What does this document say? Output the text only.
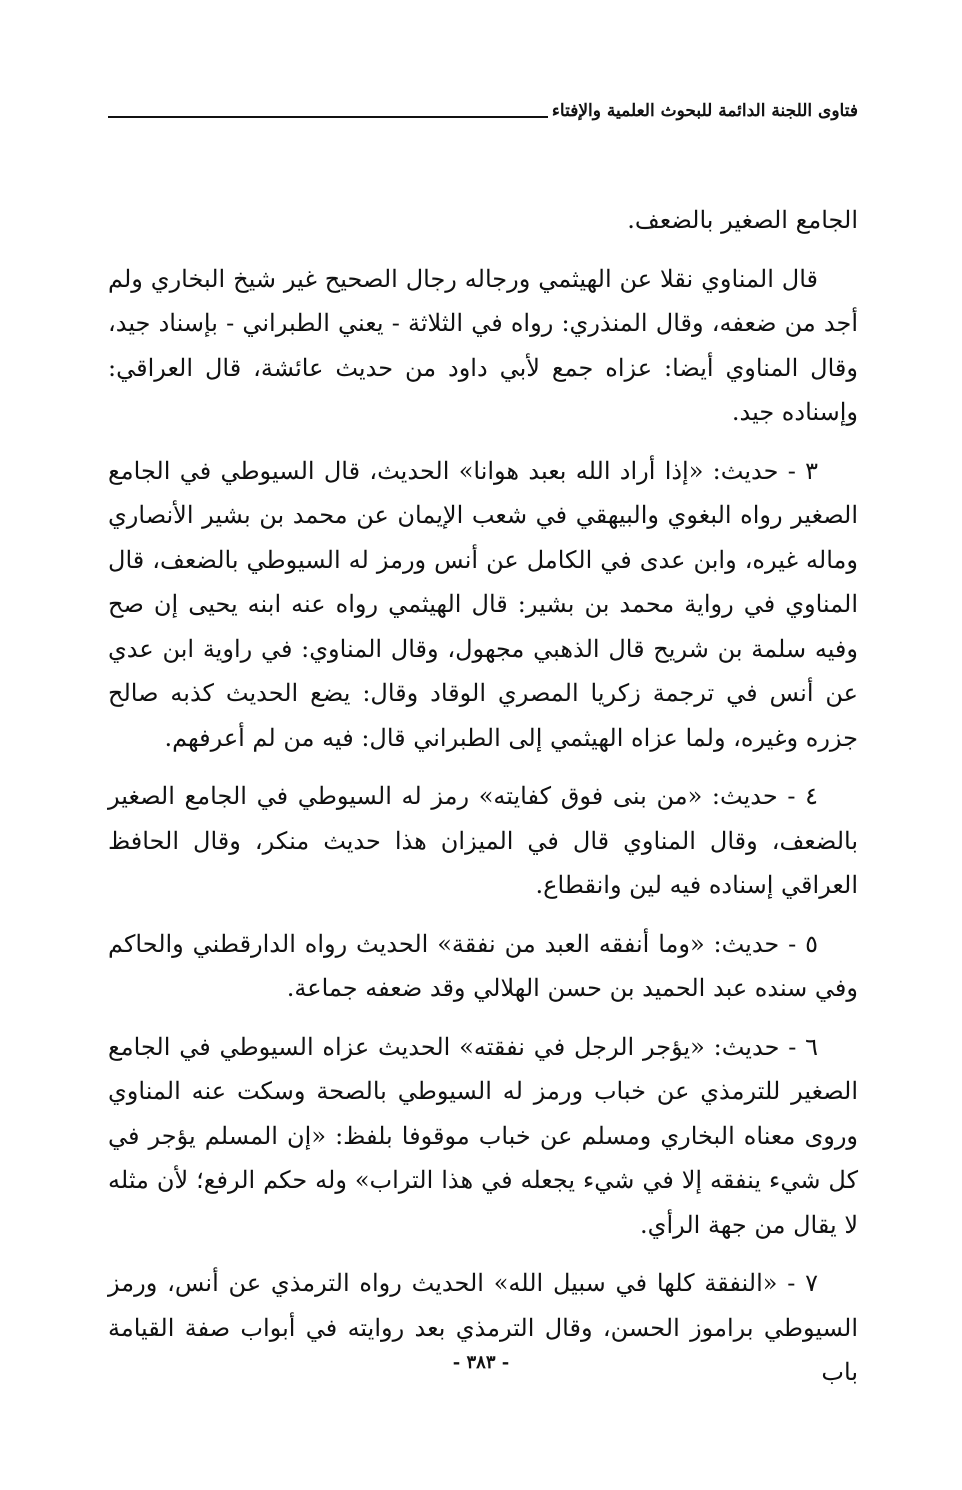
فتاوى اللجنة الدائمة للبحوث العلمية والإفتاء

الجامع الصغير بالضعف.

قال المناوي نقلا عن الهيثمي ورجاله رجال الصحيح غير شيخ البخاري ولم أجد من ضعفه، وقال المنذري: رواه في الثلاثة - يعني الطبراني - بإسناد جيد، وقال المناوي أيضا: عزاه جمع لأبي داود من حديث عائشة، قال العراقي: وإسناده جيد.

٣ - حديث: «إذا أراد الله بعبد هوانا» الحديث، قال السيوطي في الجامع الصغير رواه البغوي والبيهقي في شعب الإيمان عن محمد بن بشير الأنصاري وماله غيره، وابن عدى في الكامل عن أنس ورمز له السيوطي بالضعف، قال المناوي في رواية محمد بن بشير: قال الهيثمي رواه عنه ابنه يحيى إن صح وفيه سلمة بن شريح قال الذهبي مجهول، وقال المناوي: في راوية ابن عدي عن أنس في ترجمة زكريا المصري الوقاد وقال: يضع الحديث كذبه صالح جزره وغيره، ولما عزاه الهيثمي إلى الطبراني قال: فيه من لم أعرفهم.

٤ - حديث: «من بنى فوق كفايته» رمز له السيوطي في الجامع الصغير بالضعف، وقال المناوي قال في الميزان هذا حديث منكر، وقال الحافظ العراقي إسناده فيه لين وانقطاع.

٥ - حديث: «وما أنفقه العبد من نفقة» الحديث رواه الدارقطني والحاكم وفي سنده عبد الحميد بن حسن الهلالي وقد ضعفه جماعة.

٦ - حديث: «يؤجر الرجل في نفقته» الحديث عزاه السيوطي في الجامع الصغير للترمذي عن خباب ورمز له السيوطي بالصحة وسكت عنه المناوي وروى معناه البخاري ومسلم عن خباب موقوفا بلفظ: «إن المسلم يؤجر في كل شيء ينفقه إلا في شيء يجعله في هذا التراب» وله حكم الرفع؛ لأن مثله لا يقال من جهة الرأي.

٧ - «النفقة كلها في سبيل الله» الحديث رواه الترمذي عن أنس، ورمز السيوطي براموز الحسن، وقال الترمذي بعد روايته في أبواب صفة القيامة باب

- ٣٨٣ -
